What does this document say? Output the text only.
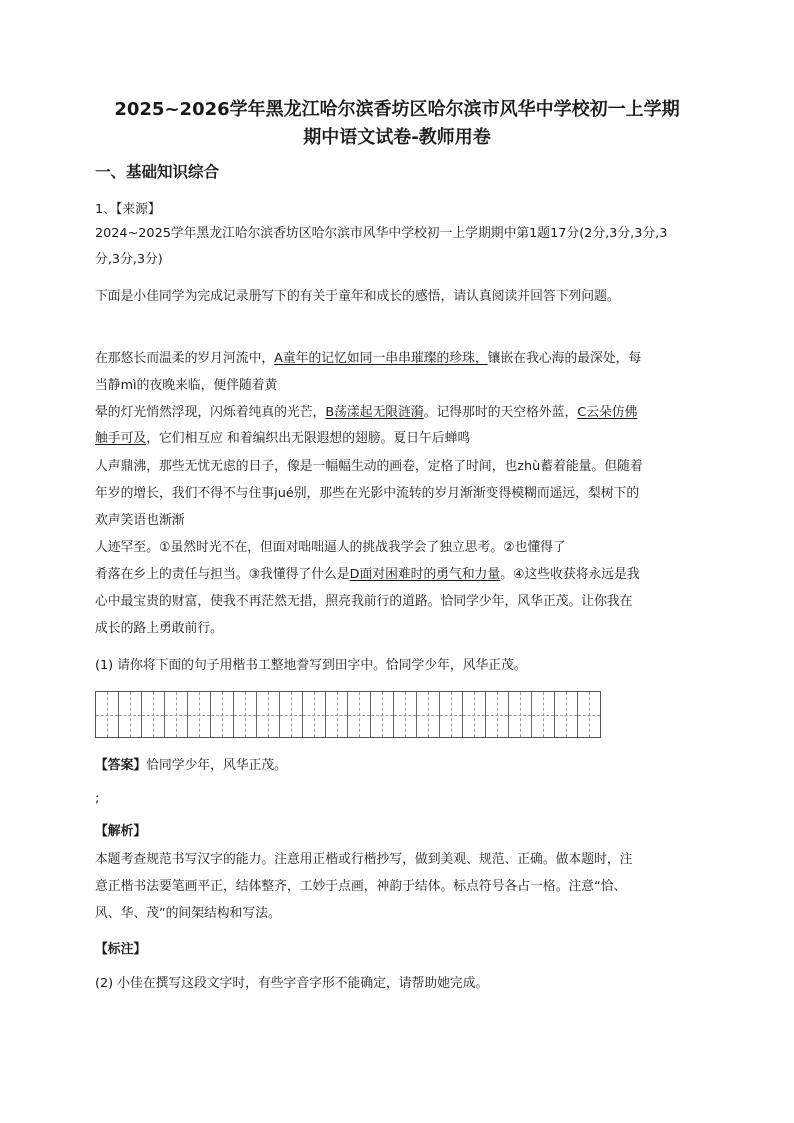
2025~2026学年黑龙江哈尔滨香坊区哈尔滨市风华中学校初一上学期
期中语文试卷-教师用卷
一、基础知识综合
1、【来源】
2024~2025学年黑龙江哈尔滨香坊区哈尔滨市风华中学校初一上学期期中第1题17分(2分,3分,3分,3
分,3分,3分)
下面是小佳同学为完成记录册写下的有关于童年和成长的感悟，请认真阅读并回答下列问题。
在那悠长而温柔的岁月河流中，A童年的记忆如同一串串璀璨的珍珠，镶嵌在我心海的最深处，每
当静mì的夜晚来临，便伴随着黄
晕的灯光悄然浮现，闪烁着纯真的光芒，B荡漾起无限涟漪。记得那时的天空格外蓝，C云朵仿佛
触手可及，它们相互应 和着编织出无限遐想的翅膀。夏日午后蝉鸣
人声鼎沸，那些无忧无虑的日子，像是一幅幅生动的画卷，定格了时间，也zhù蓄着能量。但随着
年岁的增长，我们不得不与住事jué别，那些在光影中流转的岁月渐渐变得模糊而遥远，梨树下的
欢声笑语也渐渐
人迹罕至。①虽然时光不在，但面对咄咄逼人的挑战我学会了独立思考。②也懂得了
肴落在乡上的责任与担当。③我懂得了什么是D面对困难时的勇气和力量。④这些收获将永远是我
心中最宝贵的财富，使我不再茫然无措，照亮我前行的道路。恰同学少年，风华正茂。让你我在
成长的路上勇敢前行。
(1) 请你将下面的句子用楷书工整地誊写到田字中。恰同学少年，风华正茂。
【答案】恰同学少年，风华正茂。
;
【解析】
本题考查规范书写汉字的能力。注意用正楷或行楷抄写，做到美观、规范、正确。做本题时，注
意正楷书法要笔画平正，结体整齐，工妙于点画，神韵于结体。标点符号各占一格。注意“恰、
风、华、茂”的间架结构和写法。
【标注】
(2) 小佳在撰写这段文字时，有些字音字形不能确定，请帮助她完成。
